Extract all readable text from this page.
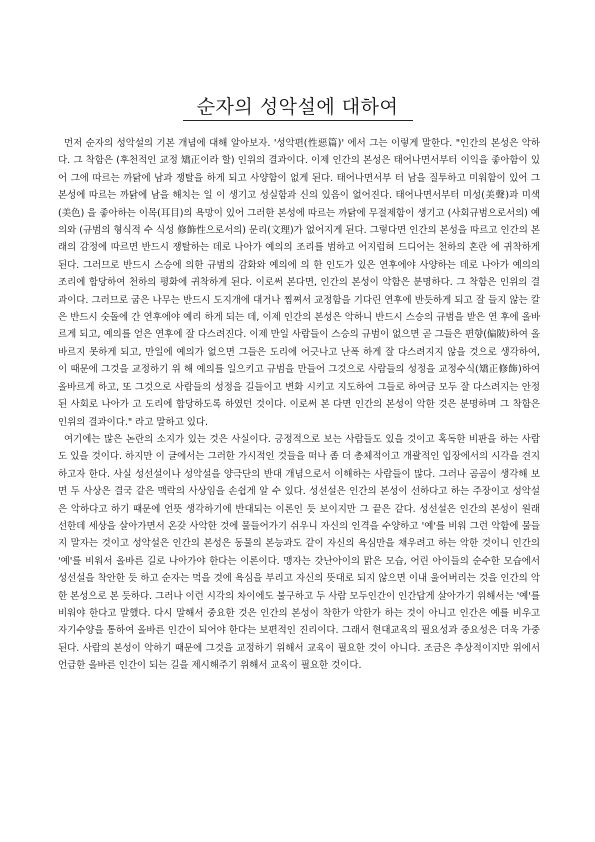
순자의 성악설에 대하여

먼저 순자의 성악설의 기본 개념에 대해 알아보자. '성악편(性惡篇)' 에서 그는 이렇게 말한다. "인간의 본성은 악하다. 그 착함은 (후천적인 교정 矯正이라 할) 인위의 결과이다. 이제 인간의 본성은 태어나면서부터 이익을 좋아함이 있어 그에 따르는 까닭에 남과 쟁탈을 하게 되고 사양함이 없게 된다. 태어나면서부 터 남을 질투하고 미워함이 있어 그 본성에 따르는 까닭에 남을 해치는 일 이 생기고 성실함과 신의 있음이 없어진다. 태어나면서부터 미성(美聲)과 미색(美色) 을 좋아하는 이목(耳目)의 욕망이 있어 그러한 본성에 따르는 까닭에 무절제함이 생기고 (사회규범으로서의) 예의와 (규범의 형식적 수 식성 修飾性으로서의) 문리(文理)가 없어지게 된다. 그렇다면 인간의 본성을 따르고 인간의 본래의 감정에 따르면 반드시 쟁탈하는 데로 나아가 예의의 조리를 범하고 어지럽혀 드디어는 천하의 혼란 에 귀착하게 된다. 그러므로 반드시 스승에 의한 규범의 감화와 예의에 의 한 인도가 있은 연후에야 사양하는 데로 나아가 예의의 조리에 합당하여 천하의 평화에 귀착하게 된다. 이로써 본다면, 인간의 본성이 악함은 분명하다. 그 착함은 인위의 결과이다. 그러므로 굽은 나무는 반드시 도지개에 대거나 찜쪄서 교정함을 기다린 연후에 반듯하게 되고 잘 들지 않는 칼은 반드시 숫돌에 간 연후에야 예리 하게 되는 데, 이제 인간의 본성은 악하니 반드시 스승의 규범을 받은 연 후에 올바르게 되고, 예의를 얻은 연후에 잘 다스려진다. 이제 만일 사람들이 스승의 규범이 없으면 곧 그들은 편향(偏陂)하여 올 바르지 못하게 되고, 만일에 예의가 없으면 그들은 도리에 어긋나고 난폭 하게 잘 다스려지지 않을 것으로 생각하여, 이 때문에 그것을 교정하기 위 해 예의를 일으키고 규범을 만들어 그것으로 사람들의 성정을 교정수식(矯正修飾)하여 올바르게 하고, 또 그것으로 사람들의 성정을 길들이고 변화 시키고 지도하여 그들로 하여금 모두 잘 다스려지는 안정된 사회로 나아가 고 도리에 합당하도록 하였던 것이다. 이로써 본 다면 인간의 본성이 악한 것은 분명하며 그 착함은 인위의 결과이다." 라고 말하고 있다.

여기에는 많은 논란의 소지가 있는 것은 사실이다. 긍정적으로 보는 사람들도 있을 것이고 혹독한 비판을 하는 사람도 있을 것이다. 하지만 이 글에서는 그러한 가시적인 것들을 떠나 좀 더 총체적이고 개괄적인 입장에서의 시각을 견지하고자 한다. 사실 성선설이나 성악설을 양극단의 반대 개념으로서 이해하는 사람들이 많다. 그러나 곰곰이 생각해 보면 두 사상은 결국 같은 맥락의 사상임을 손쉽게 알 수 있다. 성선설은 인간의 본성이 선하다고 하는 주장이고 성악설은 악하다고 하기 때문에 언뜻 생각하기에 반대되는 이론인 듯 보이지만 그 끝은 같다. 성선설은 인간의 본성이 원래 선한데 세상을 살아가면서 온갖 사악한 것에 물들어가기 쉬우니 자신의 인격을 수양하고 '예'를 비워 그런 악함에 물들지 말자는 것이고 성악설은 인간의 본성은 동물의 본능과도 같이 자신의 욕심만을 채우려고 하는 악한 것이니 인간의 '예'를 비워서 올바른 길로 나아가야 한다는 이론이다. 맹자는 갓난아이의 맑은 모습, 어린 아이들의 순수한 모습에서 성선설을 착안한 듯 하고 순자는 먹을 것에 욕심을 부리고 자신의 뜻대로 되지 않으면 이내 울어버리는 것을 인간의 악한 본성으로 본 듯하다. 그러나 이런 시각의 차이에도 불구하고 두 사람 모두인간이 인간답게 살아가기 위해서는 '예'를 비워야 한다고 말했다. 다시 말해서 중요한 것은 인간의 본성이 착한가 악한가 하는 것이 아니고 인간은 예를 비우고 자기수양을 통하여 올바른 인간이 되어야 한다는 보편적인 진리이다. 그래서 현대교육의 필요성과 중요성은 더욱 가중된다. 사람의 본성이 악하기 때문에 그것을 교정하기 위해서 교육이 필요한 것이 아니다. 조금은 추상적이지만 위에서 언급한 올바른 인간이 되는 길을 제시해주기 위해서 교육이 필요한 것이다.
